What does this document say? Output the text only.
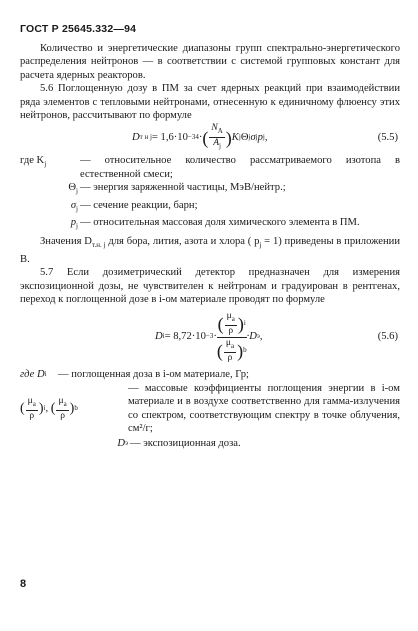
ГОСТ Р 25645.332—94

Количество и энергетические диапазоны групп спектрально-энергетического распределения нейтронов — в соответствии с системой групповых констант для расчета ядерных реакторов.

5.6 Поглощенную дозу в ПМ за счет ядерных реакций при взаимодействии ряда элементов с тепловыми нейтронами, отнесенную к единичному флюенсу этих нейтронов, рассчитывают по формуле

D т н j = 1,6·10 −34 · ( $\frac{N_A}{A_j}$ ) K j Θ j σ j p j ,	(5.5)
где $K_j$	— относительное количество рассматриваемого изотопа в естественной смеси;
$\Theta_j$ — энергия заряженной частицы, МэВ/нейтр.;
$\sigma_j$ — сечение реакции, барн;
$p_j$ — относительная массовая доля химического элемента в ПМ.

Значения $D_{т.н. j}$ для бора, лития, азота и хлора ( $p_j = 1$) приведены в приложении В.

5.7 Если дозиметрический детектор предназначен для измерения экспозиционной дозы, не чувствителен к нейтронам и градуирован в рентгенах, переход к поглощенной дозе в i-ом материале проводят по формуле

D i = 8,72·10 −3 ·
( $\frac{\mu_a}{\rho}$ ) i
( $\frac{\mu_a}{\rho}$ ) b
·D э ,	(5.6)
где D i — поглощенная доза в i-ом материале, Гр;
( $\frac{\mu_a}{\rho}$ ) i , ( $\frac{\mu_a}{\rho}$ ) b
— массовые коэффициенты поглощения энергии в i-ом материале и в воздухе соответственно для гамма-излучения со спектром, соответствующим спектру в точке облучения, см²/г;
D э — экспозиционная доза.
8
